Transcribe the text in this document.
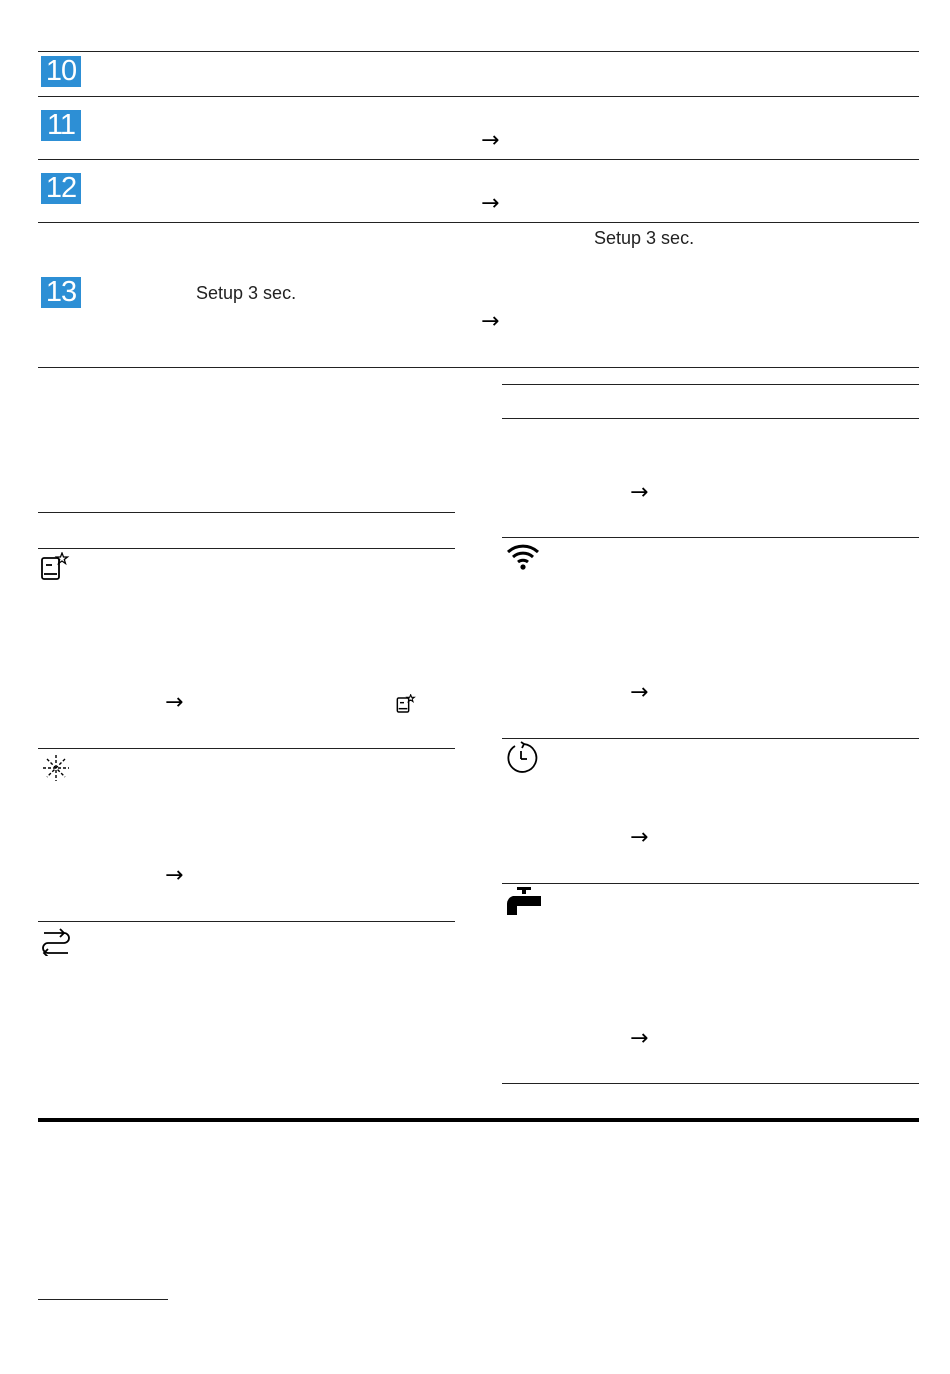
10
11
12
13
→
→
→
Setup 3 sec.
Setup 3 sec.
→
→
→
→
→
→
